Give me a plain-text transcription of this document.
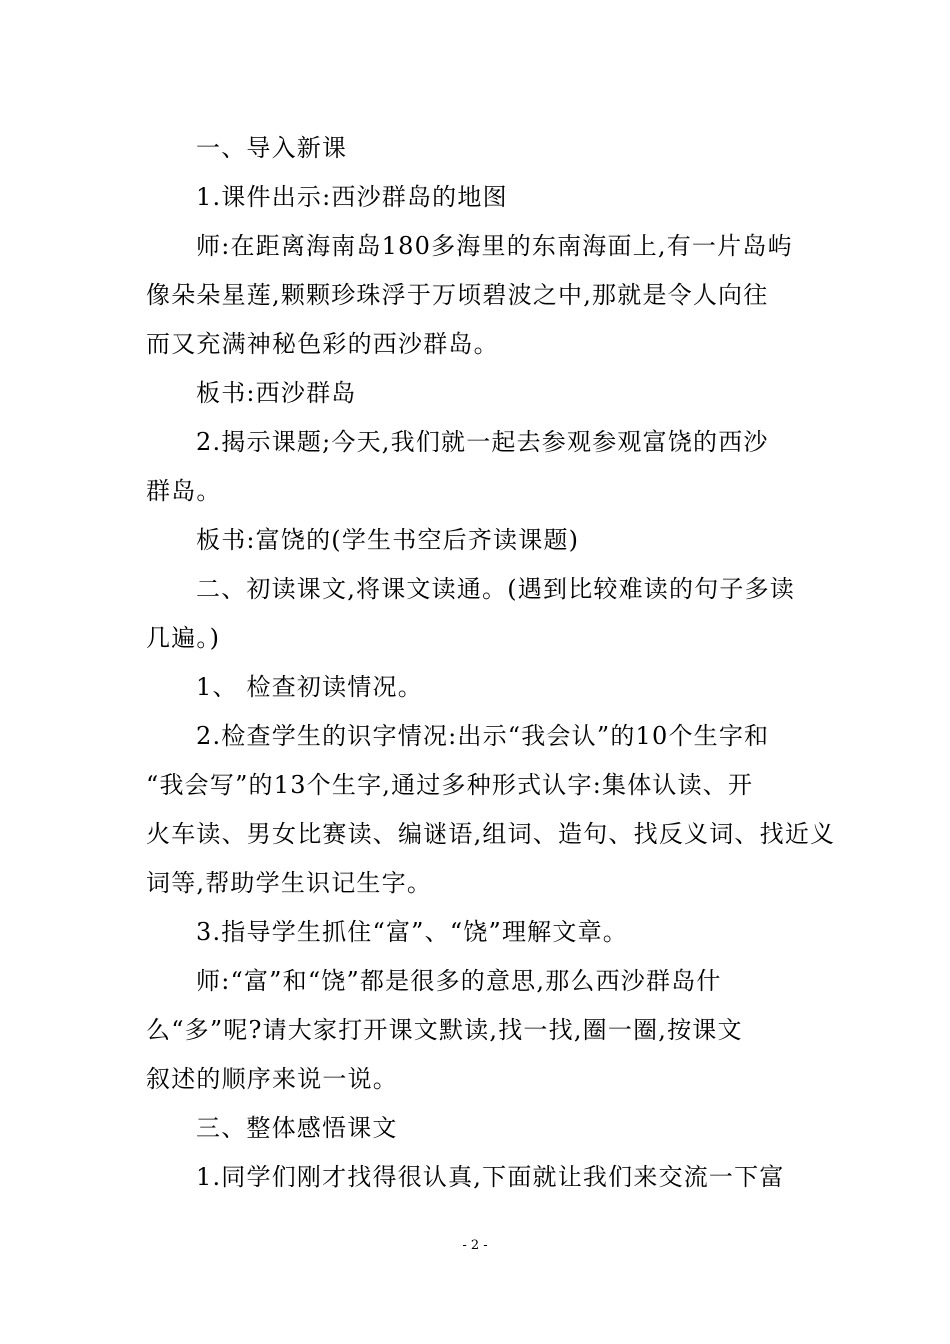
一、导入新课
1.课件出示:西沙群岛的地图
师:在距离海南岛180多海里的东南海面上,有一片岛屿
像朵朵星莲,颗颗珍珠浮于万顷碧波之中,那就是令人向往
而又充满神秘色彩的西沙群岛。
板书:西沙群岛
2.揭示课题;今天,我们就一起去参观参观富饶的西沙
群岛。
板书:富饶的(学生书空后齐读课题)
二、初读课文,将课文读通。(遇到比较难读的句子多读
几遍。)
1、 检查初读情况。
2.检查学生的识字情况:出示“我会认”的10个生字和
“我会写”的13个生字,通过多种形式认字:集体认读、开
火车读、男女比赛读、编谜语,组词、造句、找反义词、找近义
词等,帮助学生识记生字。
3.指导学生抓住“富”、“饶”理解文章。
师:“富”和“饶”都是很多的意思,那么西沙群岛什
么“多”呢?请大家打开课文默读,找一找,圈一圈,按课文
叙述的顺序来说一说。
三、整体感悟课文
1.同学们刚才找得很认真,下面就让我们来交流一下富
- 2 -
